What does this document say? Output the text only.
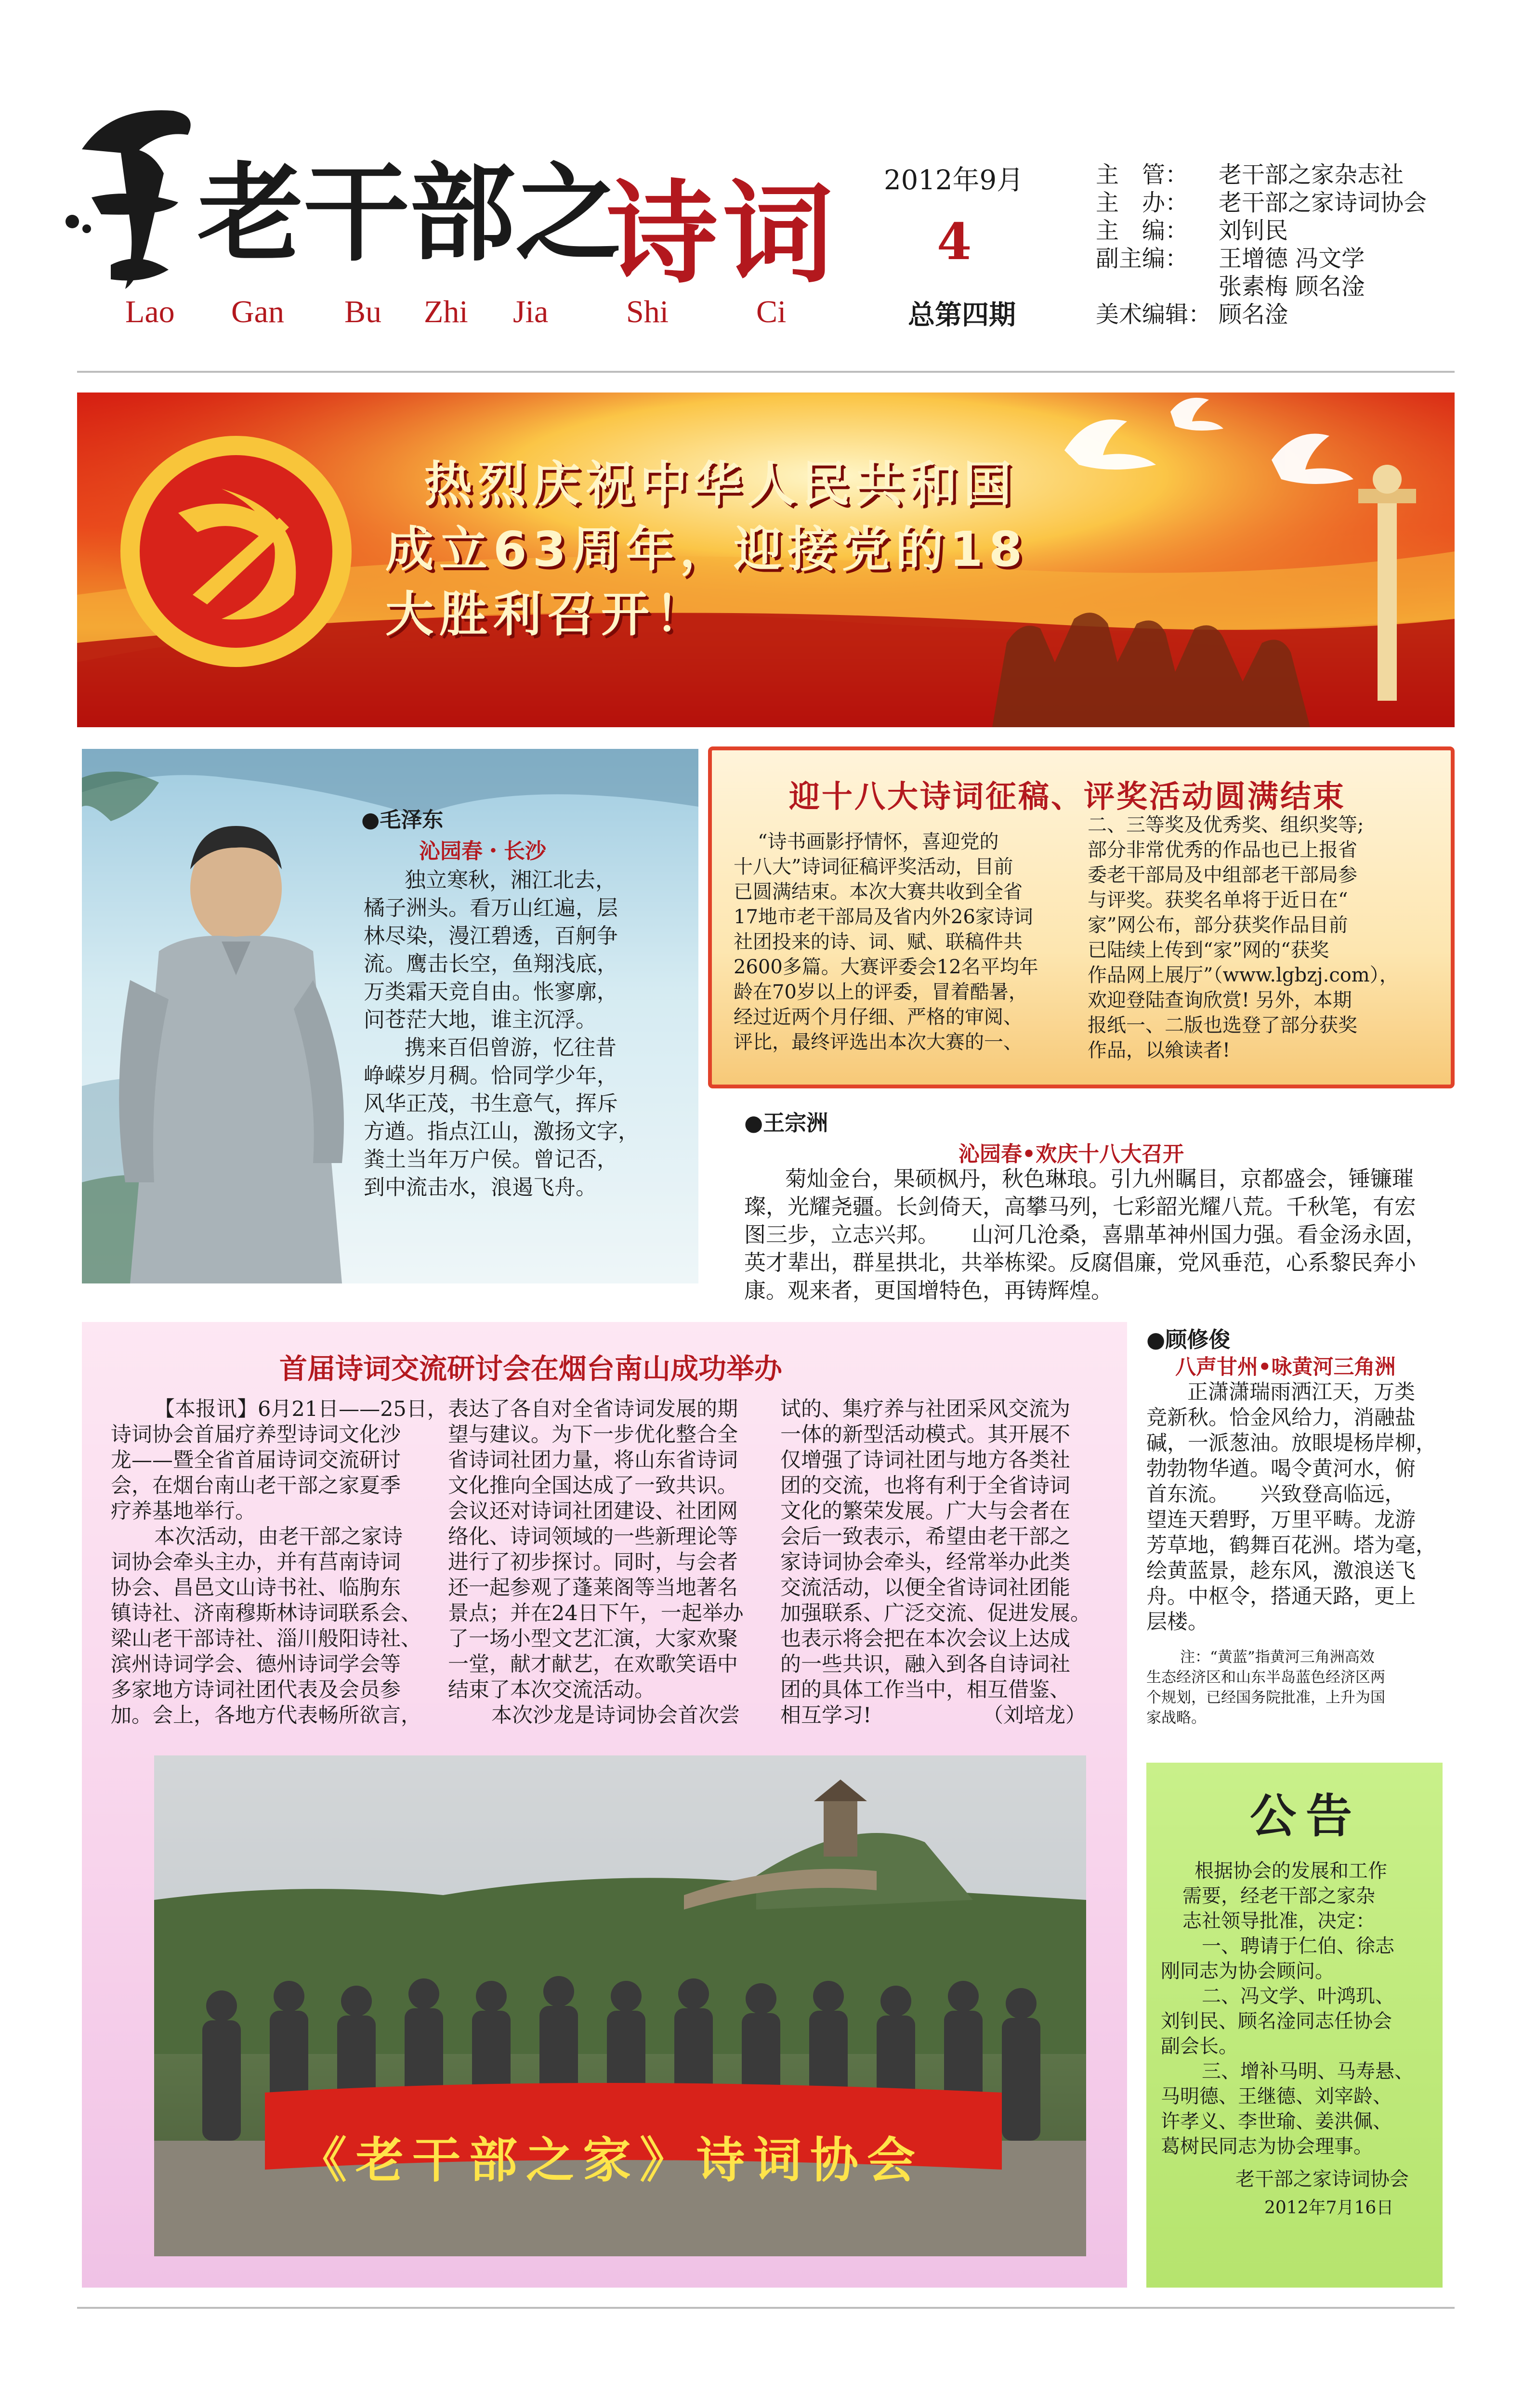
老干部之
诗词
Lao Gan Bu Zhi Jia Shi	Ci
2012年9月
4
总第四期
主　管： 老干部之家杂志社
主　办： 老干部之家诗词协会
主　编： 刘钊民
副主编： 王增德 冯文学
张素梅 顾名淦
美术编辑： 顾名淦
热烈庆祝中华人民共和国
成立63周年，迎接党的18
大胜利召开！
●毛泽东
沁园春・长沙
独立寒秋，湘江北去，
橘子洲头。看万山红遍，层
林尽染，漫江碧透，百舸争
流。鹰击长空，鱼翔浅底，
万类霜天竞自由。怅寥廓，
问苍茫大地，谁主沉浮。
携来百侣曾游，忆往昔
峥嵘岁月稠。恰同学少年，
风华正茂，书生意气，挥斥
方遒。指点江山，激扬文字，
粪土当年万户侯。曾记否，
到中流击水，浪遏飞舟。
迎十八大诗词征稿、评奖活动圆满结束
“诗书画影抒情怀，喜迎党的
十八大”诗词征稿评奖活动，目前
已圆满结束。本次大赛共收到全省
17地市老干部局及省内外26家诗词
社团投来的诗、词、赋、联稿件共
2600多篇。大赛评委会12名平均年
龄在70岁以上的评委，冒着酷暑，
经过近两个月仔细、严格的审阅、
评比，最终评选出本次大赛的一、
二、三等奖及优秀奖、组织奖等;
部分非常优秀的作品也已上报省
委老干部局及中组部老干部局参
与评奖。获奖名单将于近日在“
家”网公布，部分获奖作品目前
已陆续上传到“家”网的“获奖
作品网上展厅”（www.lgbzj.com），
欢迎登陆查询欣赏! 另外，本期
报纸一、二版也选登了部分获奖
作品，以飨读者!
●王宗洲
沁园春•欢庆十八大召开
菊灿金台，果硕枫丹，秋色琳琅。引九州瞩目，京都盛会，锤镰璀
璨，光耀尧疆。长剑倚天，高攀马列，七彩韶光耀八荒。千秋笔，有宏
图三步，立志兴邦。　　山河几沧桑，喜鼎革神州国力强。看金汤永固，
英才辈出，群星拱北，共举栋梁。反腐倡廉，党风垂范，心系黎民奔小
康。观来者，更国增特色，再铸辉煌。
首届诗词交流研讨会在烟台南山成功举办
【本报讯】6月21日——25日，
诗词协会首届疗养型诗词文化沙
龙——暨全省首届诗词交流研讨
会，在烟台南山老干部之家夏季
疗养基地举行。
本次活动，由老干部之家诗
词协会牵头主办，并有莒南诗词
协会、昌邑文山诗书社、临朐东
镇诗社、济南穆斯林诗词联系会、
梁山老干部诗社、淄川般阳诗社、
滨州诗词学会、德州诗词学会等
多家地方诗词社团代表及会员参
加。会上，各地方代表畅所欲言，
表达了各自对全省诗词发展的期
望与建议。为下一步优化整合全
省诗词社团力量，将山东省诗词
文化推向全国达成了一致共识。
会议还对诗词社团建设、社团网
络化、诗词领域的一些新理论等
进行了初步探讨。同时，与会者
还一起参观了蓬莱阁等当地著名
景点；并在24日下午，一起举办
了一场小型文艺汇演，大家欢聚
一堂，献才献艺，在欢歌笑语中
结束了本次交流活动。
本次沙龙是诗词协会首次尝
试的、集疗养与社团采风交流为
一体的新型活动模式。其开展不
仅增强了诗词社团与地方各类社
团的交流，也将有利于全省诗词
文化的繁荣发展。广大与会者在
会后一致表示，希望由老干部之
家诗词协会牵头，经常举办此类
交流活动，以便全省诗词社团能
加强联系、广泛交流、促进发展。
也表示将会把在本次会议上达成
的一些共识，融入到各自诗词社
团的具体工作当中，相互借鉴、
相互学习!	（刘培龙）
《老干部之家》诗词协会
●顾修俊
八声甘州•咏黄河三角洲
正潇潇瑞雨洒江天，万类
竞新秋。恰金风给力，消融盐
碱，一派葱油。放眼堤杨岸柳，
勃勃物华遒。喝令黄河水，俯
首东流。　　兴致登高临远，
望连天碧野，万里平畴。龙游
芳草地，鹤舞百花洲。塔为毫，
绘黄蓝景，趁东风，激浪送飞
舟。中枢令，搭通天路，更上
层楼。
注：“黄蓝”指黄河三角洲高效
生态经济区和山东半岛蓝色经济区两
个规划，已经国务院批准，上升为国
家战略。
公告
根据协会的发展和工作
需要，经老干部之家杂
志社领导批准，决定：
一、聘请于仁伯、徐志
刚同志为协会顾问。
二、冯文学、叶鸿玑、
刘钊民、顾名淦同志任协会
副会长。
三、增补马明、马寿悬、
马明德、王继德、刘宰龄、
许孝义、李世瑜、姜洪佩、
葛树民同志为协会理事。
老干部之家诗词协会
2012年7月16日
